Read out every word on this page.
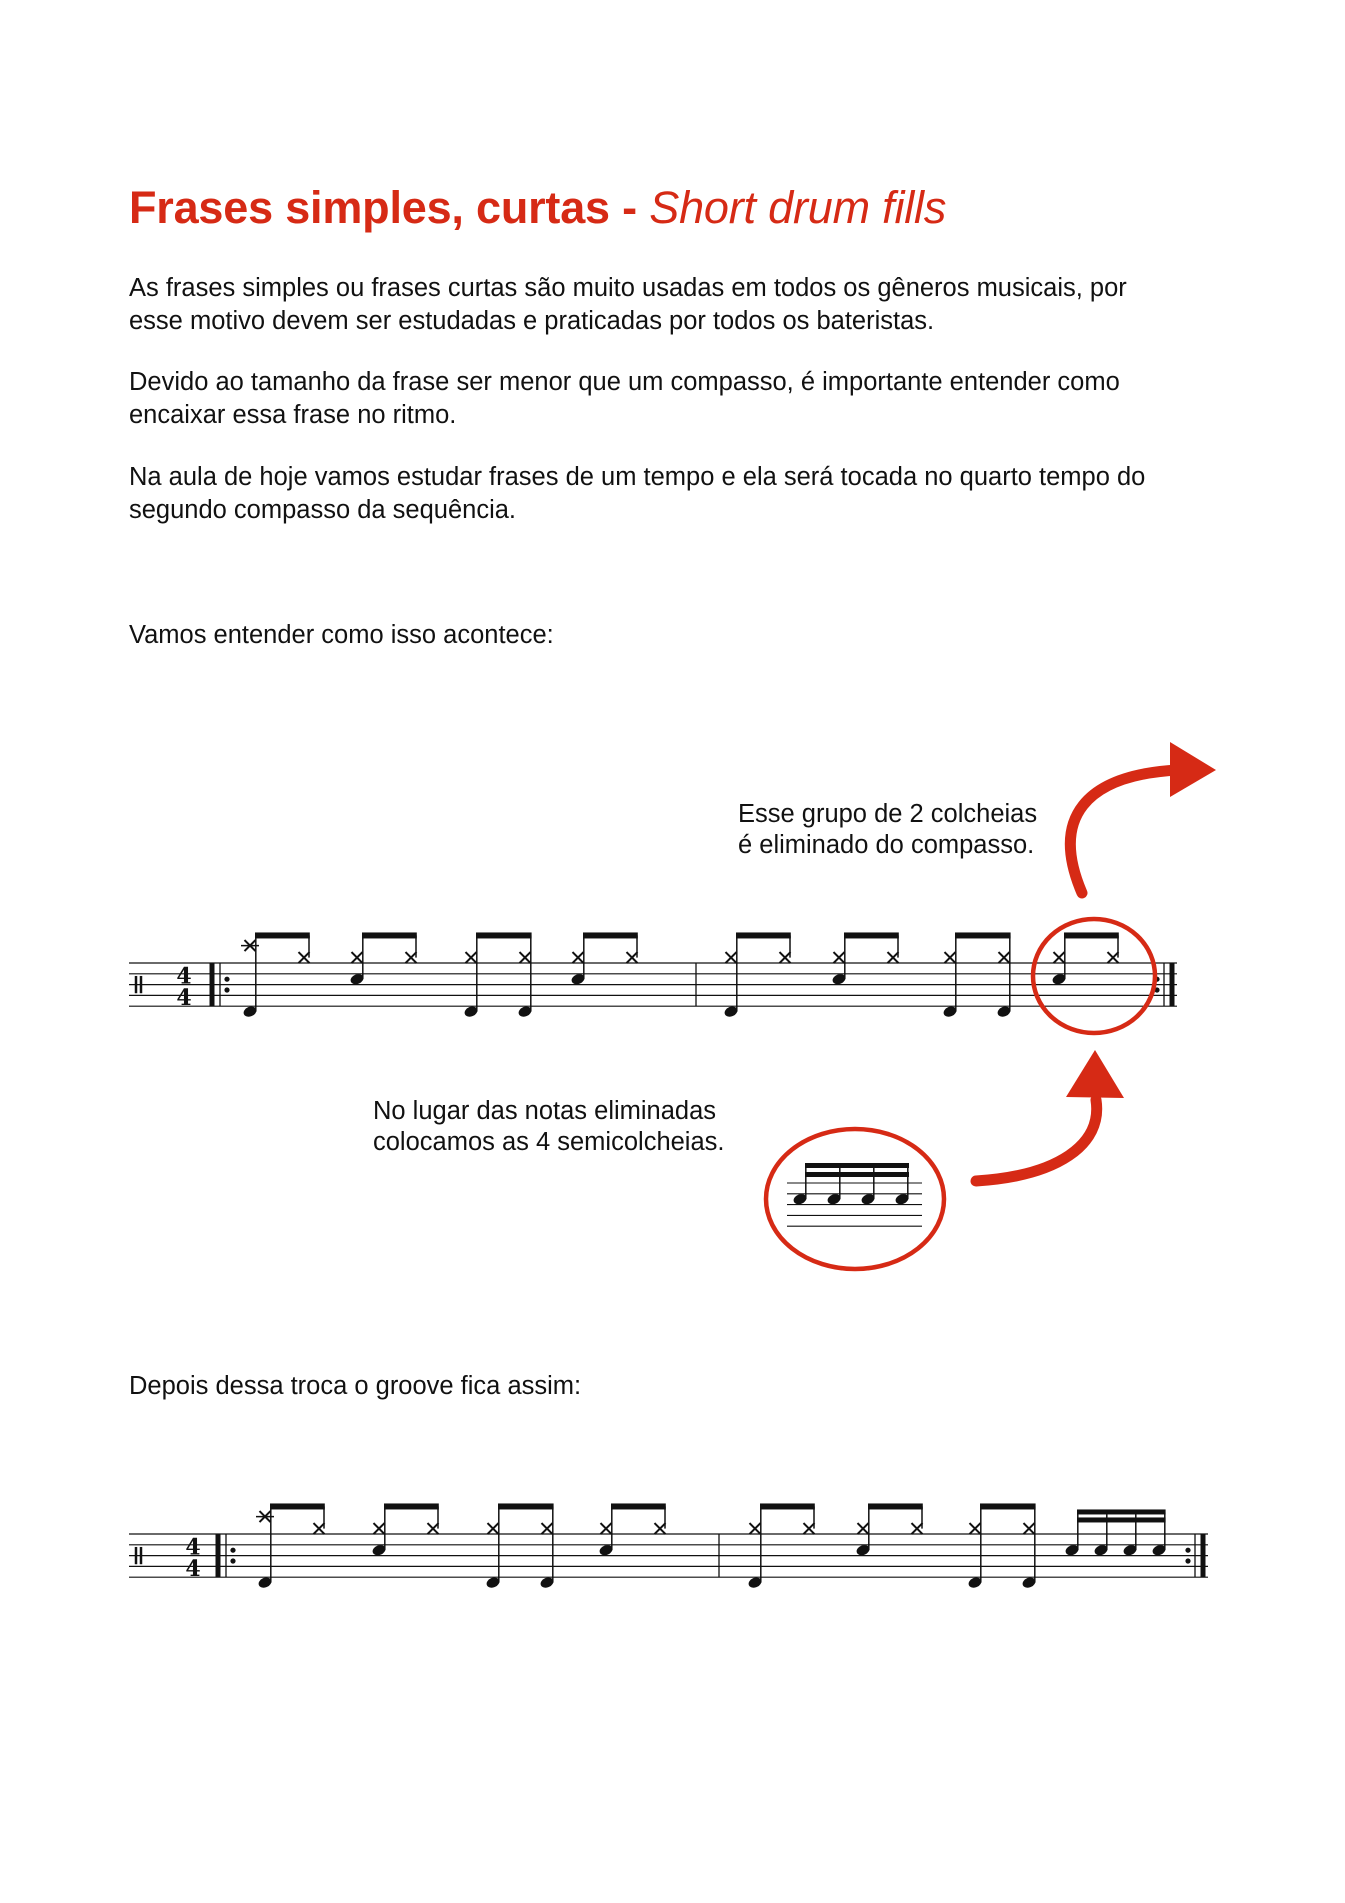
Frases simples, curtas - Short drum fills

As frases simples ou frases curtas são muito usadas em todos os gêneros musicais, por
esse motivo devem ser estudadas e praticadas por todos os bateristas.

Devido ao tamanho da frase ser menor que um compasso, é importante entender como
encaixar essa frase no ritmo.

Na aula de hoje vamos estudar frases de um tempo e ela será tocada no quarto tempo do
segundo compasso da sequência.

Vamos entender como isso acontece:

Esse grupo de 2 colcheias
é eliminado do compasso.

No lugar das notas eliminadas
colocamos as 4 semicolcheias.

Depois dessa troca o groove fica assim:

4
4
4
4
